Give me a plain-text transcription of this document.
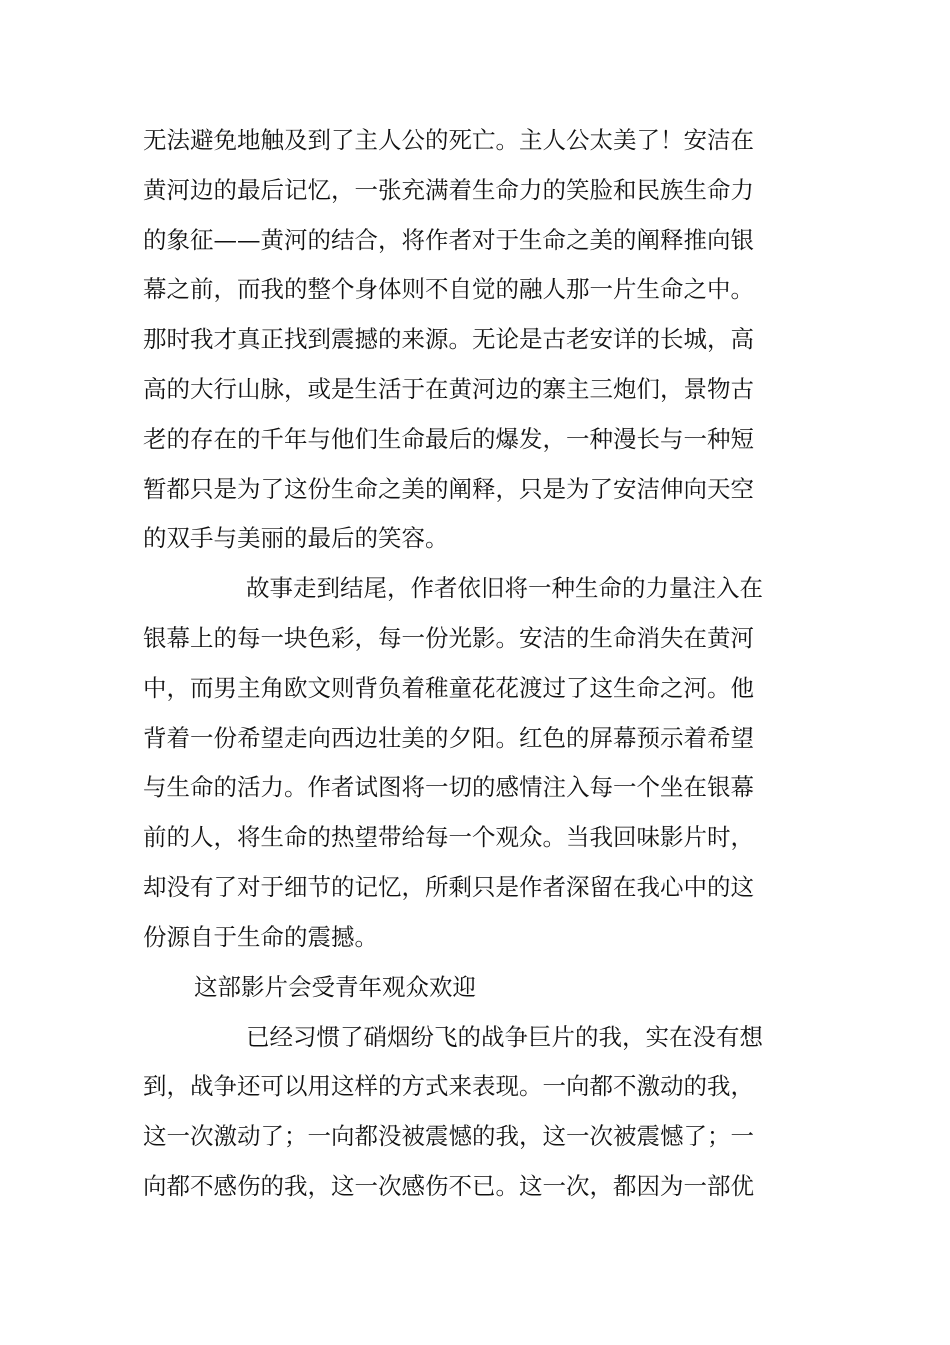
无法避免地触及到了主人公的死亡。主人公太美了！安洁在
黄河边的最后记忆，一张充满着生命力的笑脸和民族生命力
的象征——黄河的结合，将作者对于生命之美的阐释推向银
幕之前，而我的整个身体则不自觉的融人那一片生命之中。
那时我才真正找到震撼的来源。无论是古老安详的长城，高
高的大行山脉，或是生活于在黄河边的寨主三炮们，景物古
老的存在的千年与他们生命最后的爆发，一种漫长与一种短
暂都只是为了这份生命之美的阐释，只是为了安洁伸向天空
的双手与美丽的最后的笑容。
故事走到结尾，作者依旧将一种生命的力量注入在
银幕上的每一块色彩，每一份光影。安洁的生命消失在黄河
中，而男主角欧文则背负着稚童花花渡过了这生命之河。他
背着一份希望走向西边壮美的夕阳。红色的屏幕预示着希望
与生命的活力。作者试图将一切的感情注入每一个坐在银幕
前的人，将生命的热望带给每一个观众。当我回味影片时，
却没有了对于细节的记忆，所剩只是作者深留在我心中的这
份源自于生命的震撼。
这部影片会受青年观众欢迎
已经习惯了硝烟纷飞的战争巨片的我，实在没有想
到，战争还可以用这样的方式来表现。一向都不激动的我，
这一次激动了；一向都没被震憾的我，这一次被震憾了；一
向都不感伤的我，这一次感伤不已。这一次，都因为一部优
